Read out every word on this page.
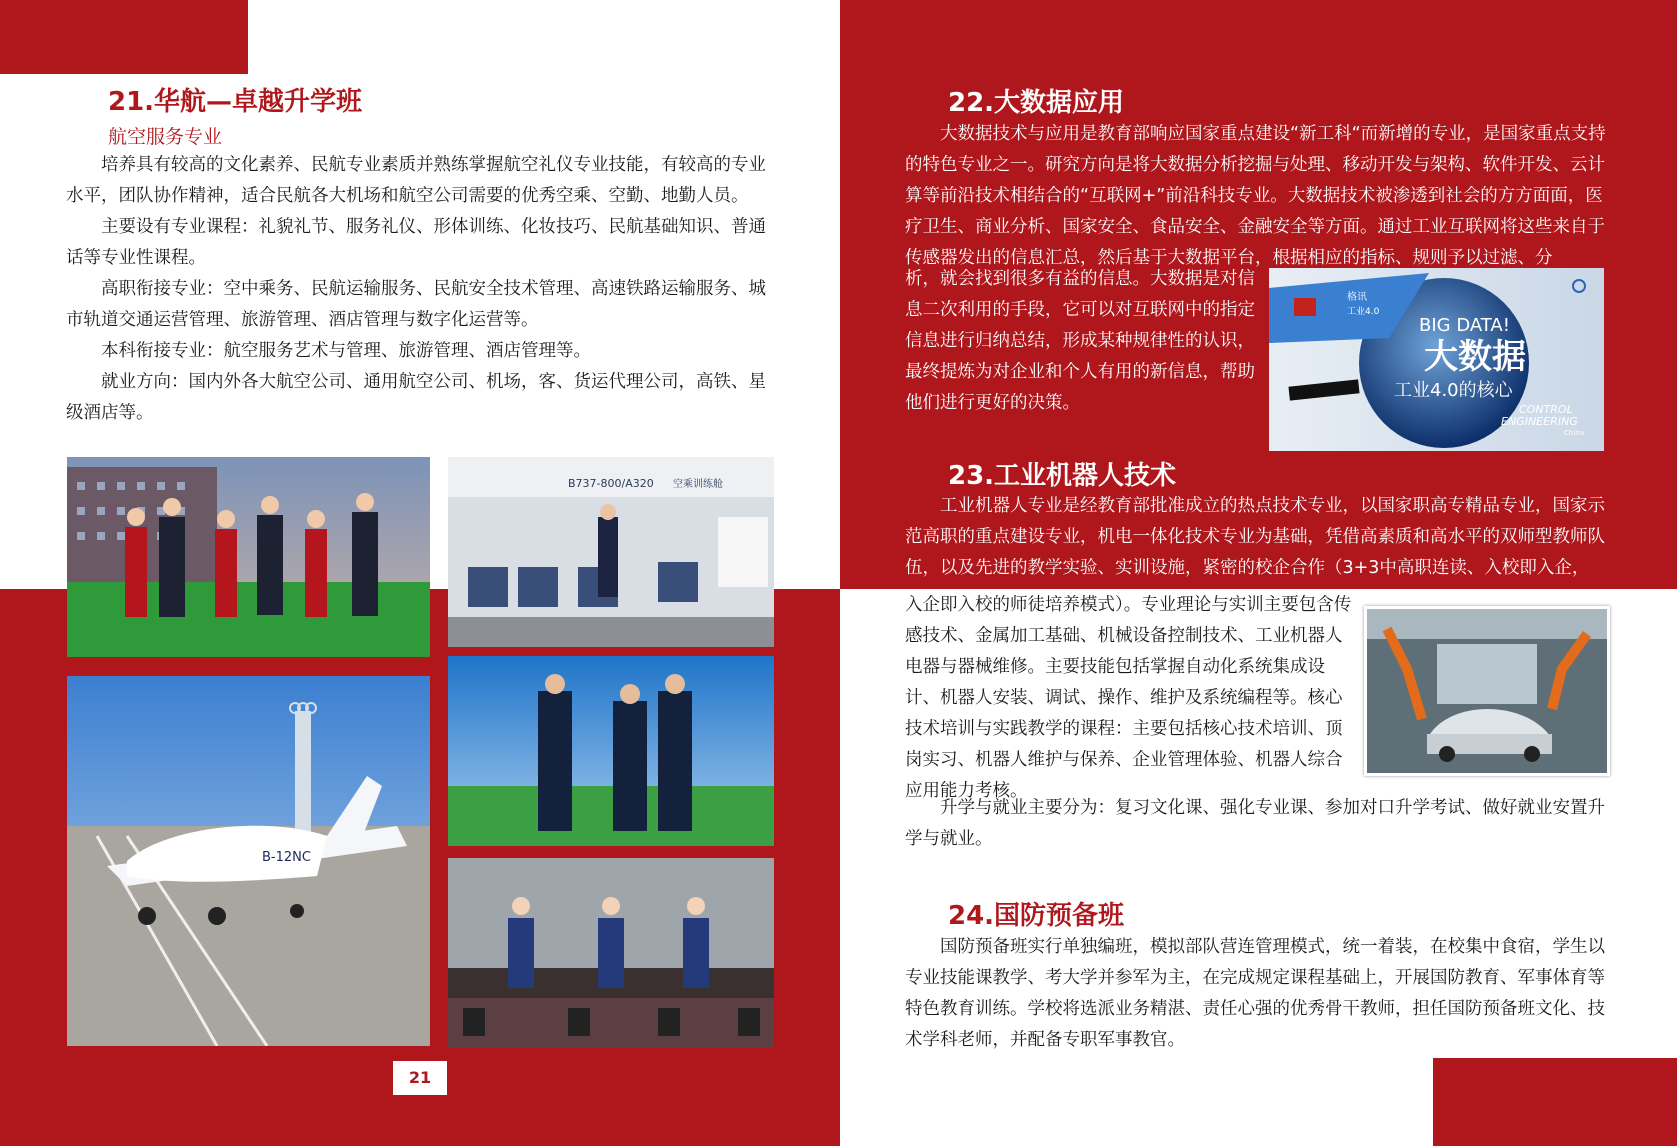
21.华航—卓越升学班
航空服务专业

培养具有较高的文化素养、民航专业素质并熟练掌握航空礼仪专业技能，有较高的专业水平，团队协作精神，适合民航各大机场和航空公司需要的优秀空乘、空勤、地勤人员。

主要设有专业课程：礼貌礼节、服务礼仪、形体训练、化妆技巧、民航基础知识、普通话等专业性课程。

高职衔接专业：空中乘务、民航运输服务、民航安全技术管理、高速铁路运输服务、城市轨道交通运营管理、旅游管理、酒店管理与数字化运营等。

本科衔接专业：航空服务艺术与管理、旅游管理、酒店管理等。

就业方向：国内外各大航空公司、通用航空公司、机场，客、货运代理公司，高铁、星级酒店等。

B737-800/A320 空乘训练舱
B-12NC
21
22.大数据应用

大数据技术与应用是教育部响应国家重点建设“新工科“而新增的专业，是国家重点支持的特色专业之一。研究方向是将大数据分析挖掘与处理、移动开发与架构、软件开发、云计算等前沿技术相结合的“互联网+”前沿科技专业。大数据技术被渗透到社会的方方面面，医疗卫生、商业分析、国家安全、食品安全、金融安全等方面。通过工业互联网将这些来自于传感器发出的信息汇总，然后基于大数据平台，根据相应的指标、规则予以过滤、分

析，就会找到很多有益的信息。大数据是对信息二次利用的手段，它可以对互联网中的指定信息进行归纳总结，形成某种规律性的认识，最终提炼为对企业和个人有用的新信息，帮助他们进行更好的决策。

格讯
工业4.0
BIG DATA!
大数据
工业4.0的核心
CONTROL
ENGINEERING
China
23.工业机器人技术

工业机器人专业是经教育部批准成立的热点技术专业，以国家职高专精品专业，国家示范高职的重点建设专业，机电一体化技术专业为基础，凭借高素质和高水平的双师型教师队伍，以及先进的教学实验、实训设施，紧密的校企合作（3+3中高职连读、入校即入企，

入企即入校的师徒培养模式）。专业理论与实训主要包含传感技术、金属加工基础、机械设备控制技术、工业机器人电器与器械维修。主要技能包括掌握自动化系统集成设计、机器人安装、调试、操作、维护及系统编程等。核心技术培训与实践教学的课程：主要包括核心技术培训、顶岗实习、机器人维护与保养、企业管理体验、机器人综合应用能力考核。

升学与就业主要分为：复习文化课、强化专业课、参加对口升学考试、做好就业安置升学与就业。

24.国防预备班

国防预备班实行单独编班，模拟部队营连管理模式，统一着装，在校集中食宿，学生以专业技能课教学、考大学并参军为主，在完成规定课程基础上，开展国防教育、军事体育等特色教育训练。学校将选派业务精湛、责任心强的优秀骨干教师，担任国防预备班文化、技术学科老师，并配备专职军事教官。

22
